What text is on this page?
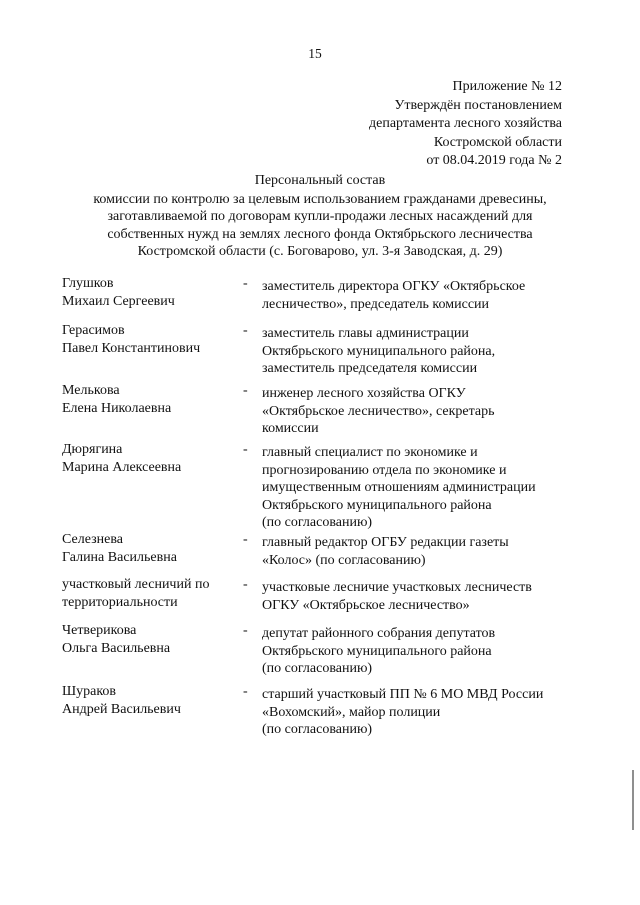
15
Приложение № 12
Утверждён постановлением
департамента лесного хозяйства
Костромской области
от 08.04.2019 года № 2
Персональный состав
комиссии по контролю за целевым использованием гражданами древесины,
заготавливаемой по договорам купли-продажи лесных насаждений для
собственных нужд на землях лесного фонда Октябрьского лесничества
Костромской области (с. Боговарово, ул. 3-я Заводская, д. 29)
Глушков
Михаил Сергеевич
- заместитель директора ОГКУ «Октябрьское
лесничество», председатель комиссии
Герасимов
Павел Константинович
- заместитель главы администрации
Октябрьского муниципального района,
заместитель председателя комиссии
Мелькова
Елена Николаевна
- инженер лесного хозяйства ОГКУ
«Октябрьское лесничество», секретарь
комиссии
Дюрягина
Марина Алексеевна
- главный специалист по экономике и
прогнозированию отдела по экономике и
имущественным отношениям администрации
Октябрьского муниципального района
(по согласованию)
Селезнева
Галина Васильевна
- главный редактор ОГБУ редакции газеты
«Колос» (по согласованию)
участковый лесничий по
территориальности
- участковые лесничие участковых лесничеств
ОГКУ «Октябрьское лесничество»
Четверикова
Ольга Васильевна
- депутат районного собрания депутатов
Октябрьского муниципального района
(по согласованию)
Шураков
Андрей Васильевич
- старший участковый ПП № 6 МО МВД России
«Вохомский», майор полиции
(по согласованию)
